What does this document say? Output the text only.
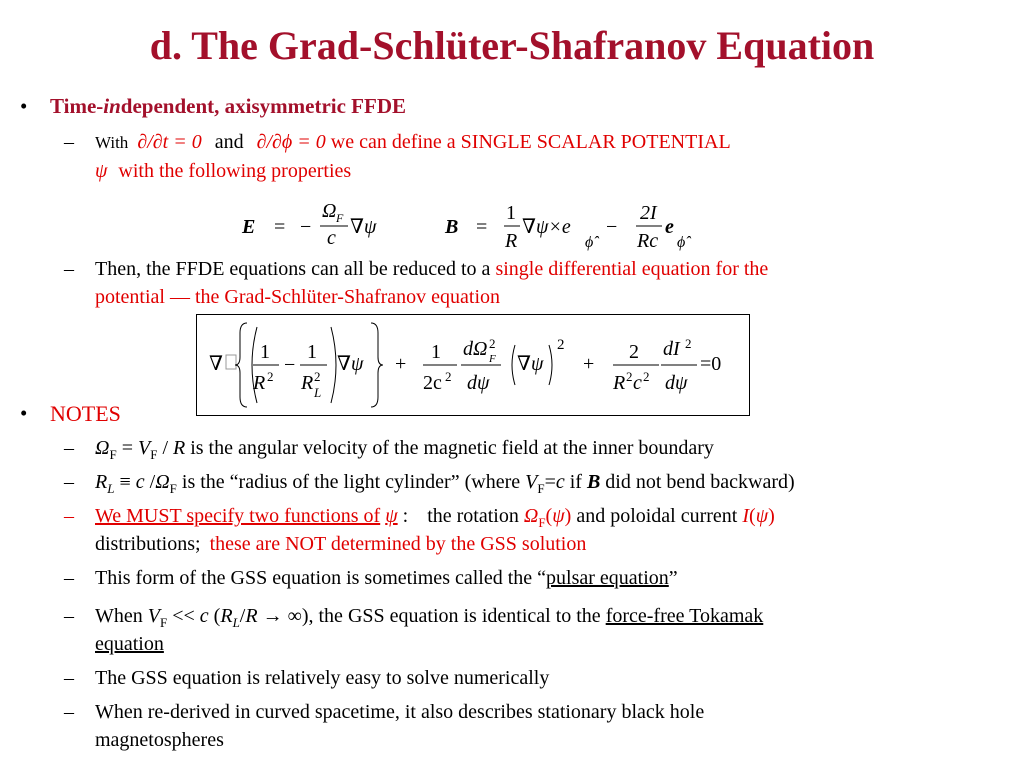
d. The Grad-Schlüter-Shafranov Equation
• Time-independent, axisymmetric FFDE
– With ∂/∂t = 0 and ∂/∂ϕ = 0 we can define a SINGLE SCALAR POTENTIAL
ψ with the following properties
E = −
Ω F
c ∇ψ	B =
1
R
∇ψ×e
ϕ̂
−
2I
Rc
e
ϕ̂
– Then, the FFDE equations can all be reduced to a single differential equation for the
potential — the Grad-Schlüter-Shafranov equation
∇
1
R 2
−
1
R 2
L
∇ψ +
1
2c 2
dΩ 2
F
dψ
∇ψ
2
+
2
R 2 c 2
dI 2
dψ
=0
• NOTES
– $\Omega_F = V_F / R$ is the angular velocity of the magnetic field at the inner boundary
– $R_L \equiv c$ $/\Omega_F$ is the “radius of the light cylinder” (where $V_F=c$ if B did not bend backward)
– We MUST specify two functions of ψ : the rotation $\Omega_F(\psi)$ and poloidal current I(ψ)
distributions; these are NOT determined by the GSS solution
– This form of the GSS equation is sometimes called the “pulsar equation”
– When $V_F << c$ ($R_L/R$ → ∞), the GSS equation is identical to the force-free Tokamak
equation
– The GSS equation is relatively easy to solve numerically
– When re-derived in curved spacetime, it also describes stationary black hole
magnetospheres
